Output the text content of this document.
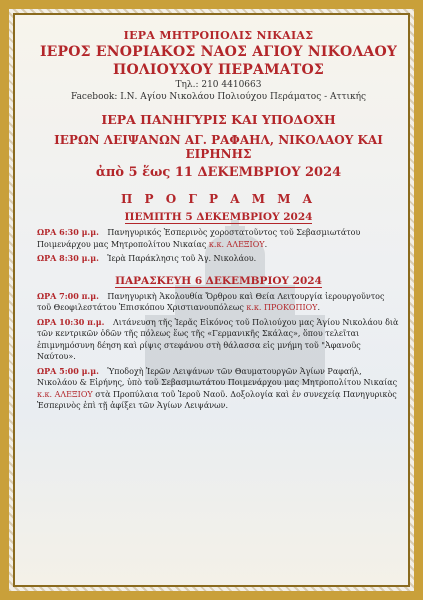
ΙΕΡΑ ΜΗΤΡΟΠΟΛΙΣ ΝΙΚΑΙΑΣ
ΙΕΡΟΣ ΕΝΟΡΙΑΚΟΣ ΝΑΟΣ ΑΓΙΟΥ ΝΙΚΟΛΑΟΥ
ΠΟΛΙΟΥΧΟΥ ΠΕΡΑΜΑΤΟΣ
Τηλ.: 210 4410663
Facebook: Ι.Ν. Αγίου Νικολάου Πολιούχου Περάματος - Αττικής
ΙΕΡΑ ΠΑΝΗΓΥΡΙΣ ΚΑΙ ΥΠΟΔΟΧΗ
ΙΕΡΩΝ ΛΕΙΨΑΝΩΝ ΑΓ. ΡΑΦΑΗΛ, ΝΙΚΟΛΑΟΥ ΚΑΙ ΕΙΡΗΝΗΣ
ἀπὸ 5 ἕως 11 ΔΕΚΕΜΒΡΙΟΥ 2024
Π Ρ Ο Γ Ρ Α Μ Μ Α
ΠΕΜΠΤΗ 5 ΔΕΚΕΜΒΡΙΟΥ 2024
ΩΡΑ 6:30 μ.μ. Πανηγυρικός Ἑσπερινὸς χοροστατοῦντος τοῦ Σεβασμιωτάτου Ποιμενάρχου μας Μητροπολίτου Νικαίας κ.κ. ΑΛΕΞΙΟΥ.
ΩΡΑ 8:30 μ.μ. Ἱερὰ Παράκλησις τοῦ Ἁγ. Νικολάου.
ΠΑΡΑΣΚΕΥΗ 6 ΔΕΚΕΜΒΡΙΟΥ 2024
ΩΡΑ 7:00 π.μ. Πανηγυρικὴ Ἀκολουθία Ὄρθρου καὶ Θεία Λειτουργία ἱερουργοῦντος τοῦ Θεοφιλεστάτου Ἐπισκόπου Χριστιανουπόλεως κ.κ. ΠΡΟΚΟΠΙΟΥ.
ΩΡΑ 10:30 π.μ. Λιτάνευση τῆς Ἱερᾶς Εἰκόνος τοῦ Πολιούχου μας Ἁγίου Νικολάου διὰ τῶν κεντρικῶν ὁδῶν τῆς πόλεως ἕως τῆς «Γερμανικῆς Σκάλας», ὅπου τελεῖται ἐπιμνημόσυνη δέηση καὶ ρίψις στεφάνου στὴ θάλασσα εἰς μνήμη τοῦ "Ἀφανοῦς Ναύτου».
ΩΡΑ 5:00 μ.μ. Ὑποδοχὴ Ἱερῶν Λειψάνων τῶν Θαυματουργῶν Ἁγίων Ραφαήλ, Νικολάου & Εἰρήνης, ὑπὸ τοῦ Σεβασμιωτάτου Ποιμενάρχου μας Μητροπολίτου Νικαίας κ.κ. ΑΛΕΞΙΟΥ στὰ Προπύλαια τοῦ Ἱεροῦ Ναοῦ. Δοξολογία καὶ ἐν συνεχείᾳ Πανηγυρικὸς Ἑσπερινὸς ἐπὶ τῇ ἀφίξει τῶν Ἁγίων Λειψάνων.
